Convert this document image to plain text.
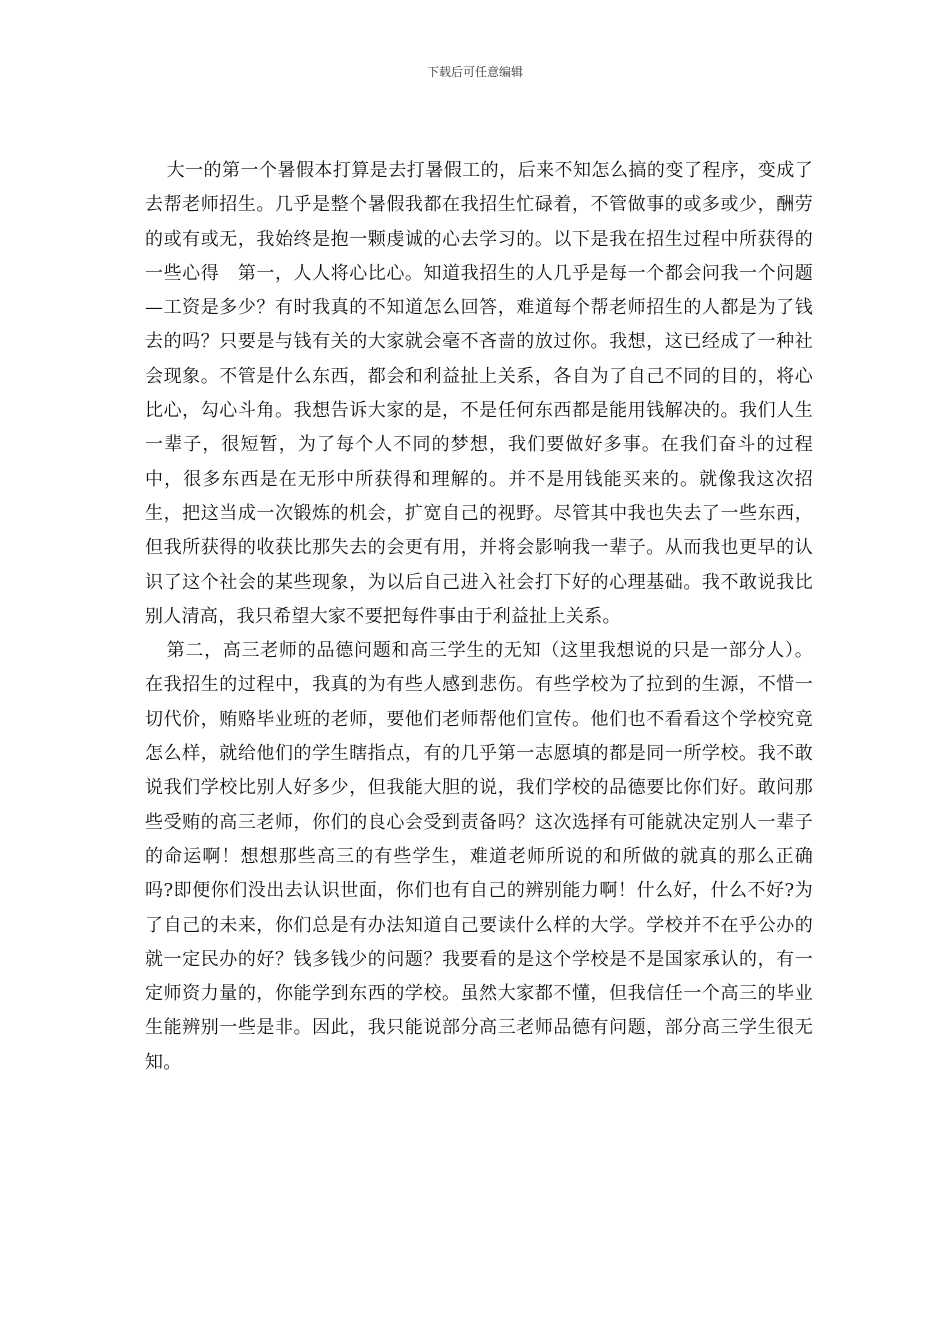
下载后可任意编辑

大一的第一个暑假本打算是去打暑假工的，后来不知怎么搞的变了程序，变成了去帮老师招生。几乎是整个暑假我都在我招生忙碌着，不管做事的或多或少，酬劳的或有或无，我始终是抱一颗虔诚的心去学习的。以下是我在招生过程中所获得的一些心得　第一，人人将心比心。知道我招生的人几乎是每一个都会问我一个问题—工资是多少？有时我真的不知道怎么回答，难道每个帮老师招生的人都是为了钱去的吗？只要是与钱有关的大家就会毫不吝啬的放过你。我想，这已经成了一种社会现象。不管是什么东西，都会和利益扯上关系，各自为了自己不同的目的，将心比心，勾心斗角。我想告诉大家的是，不是任何东西都是能用钱解决的。我们人生一辈子，很短暂，为了每个人不同的梦想，我们要做好多事。在我们奋斗的过程中，很多东西是在无形中所获得和理解的。并不是用钱能买来的。就像我这次招生，把这当成一次锻炼的机会，扩宽自己的视野。尽管其中我也失去了一些东西，但我所获得的收获比那失去的会更有用，并将会影响我一辈子。从而我也更早的认识了这个社会的某些现象，为以后自己进入社会打下好的心理基础。我不敢说我比别人清高，我只希望大家不要把每件事由于利益扯上关系。

第二，高三老师的品德问题和高三学生的无知（这里我想说的只是一部分人）。在我招生的过程中，我真的为有些人感到悲伤。有些学校为了拉到的生源，不惜一切代价，贿赂毕业班的老师，要他们老师帮他们宣传。他们也不看看这个学校究竟怎么样，就给他们的学生瞎指点，有的几乎第一志愿填的都是同一所学校。我不敢说我们学校比别人好多少，但我能大胆的说，我们学校的品德要比你们好。敢问那些受贿的高三老师，你们的良心会受到责备吗？这次选择有可能就决定别人一辈子的命运啊！想想那些高三的有些学生，难道老师所说的和所做的就真的那么正确吗?即便你们没出去认识世面，你们也有自己的辨别能力啊！什么好，什么不好?为了自己的未来，你们总是有办法知道自己要读什么样的大学。学校并不在乎公办的就一定民办的好？钱多钱少的问题？我要看的是这个学校是不是国家承认的，有一定师资力量的，你能学到东西的学校。虽然大家都不懂，但我信任一个高三的毕业生能辨别一些是非。因此，我只能说部分高三老师品德有问题，部分高三学生很无知。
